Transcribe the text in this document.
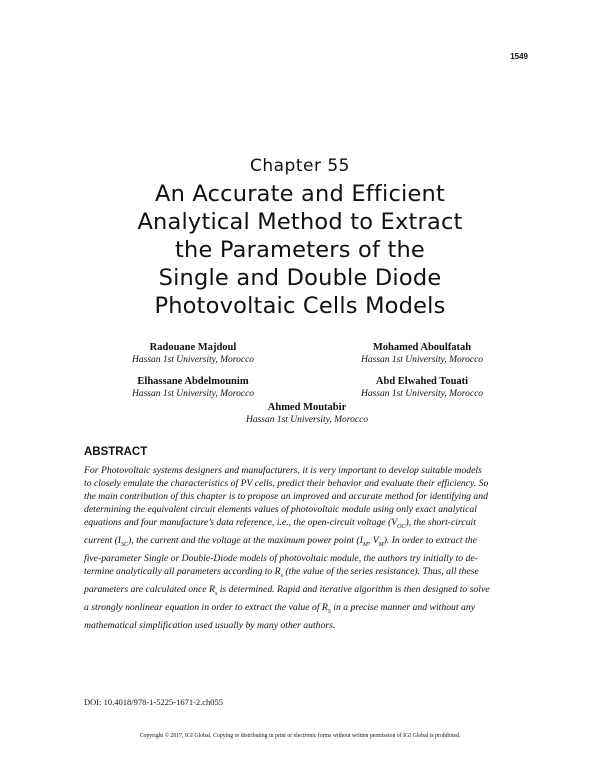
1549
Chapter 55
An Accurate and Efficient
Analytical Method to Extract
the Parameters of the
Single and Double Diode
Photovoltaic Cells Models
Radouane Majdoul
Hassan 1st University, Morocco
Mohamed Aboulfatah
Hassan 1st University, Morocco
Elhassane Abdelmounim
Hassan 1st University, Morocco
Abd Elwahed Touati
Hassan 1st University, Morocco
Ahmed Moutabir
Hassan 1st University, Morocco
ABSTRACT
For Photovoltaic systems designers and manufacturers, it is very important to develop suitable models
to closely emulate the characteristics of PV cells, predict their behavior and evaluate their efficiency. So
the main contribution of this chapter is to propose an improved and accurate method for identifying and
determining the equivalent circuit elements values of photovoltaic module using only exact analytical
equations and four manufacture’s data reference, i.e., the open-circuit voltage $(V_{OC})$, the short-circuit
current $(I_{SC})$, the current and the voltage at the maximum power point ($I_M$, $V_M$). In order to extract the
five-parameter Single or Double-Diode models of photovoltaic module, the authors try initially to de-
termine analytically all parameters according to $R_s$ (the value of the series resistance). Thus, all these
parameters are calculated once $R_s$ is determined. Rapid and iterative algorithm is then designed to solve
a strongly nonlinear equation in order to extract the value of $R_S$ in a precise manner and without any
mathematical simplification used usually by many other authors.
DOI: 10.4018/978-1-5225-1671-2.ch055
Copyright © 2017, IGI Global. Copying or distributing in print or electronic forms without written permission of IGI Global is prohibited.
